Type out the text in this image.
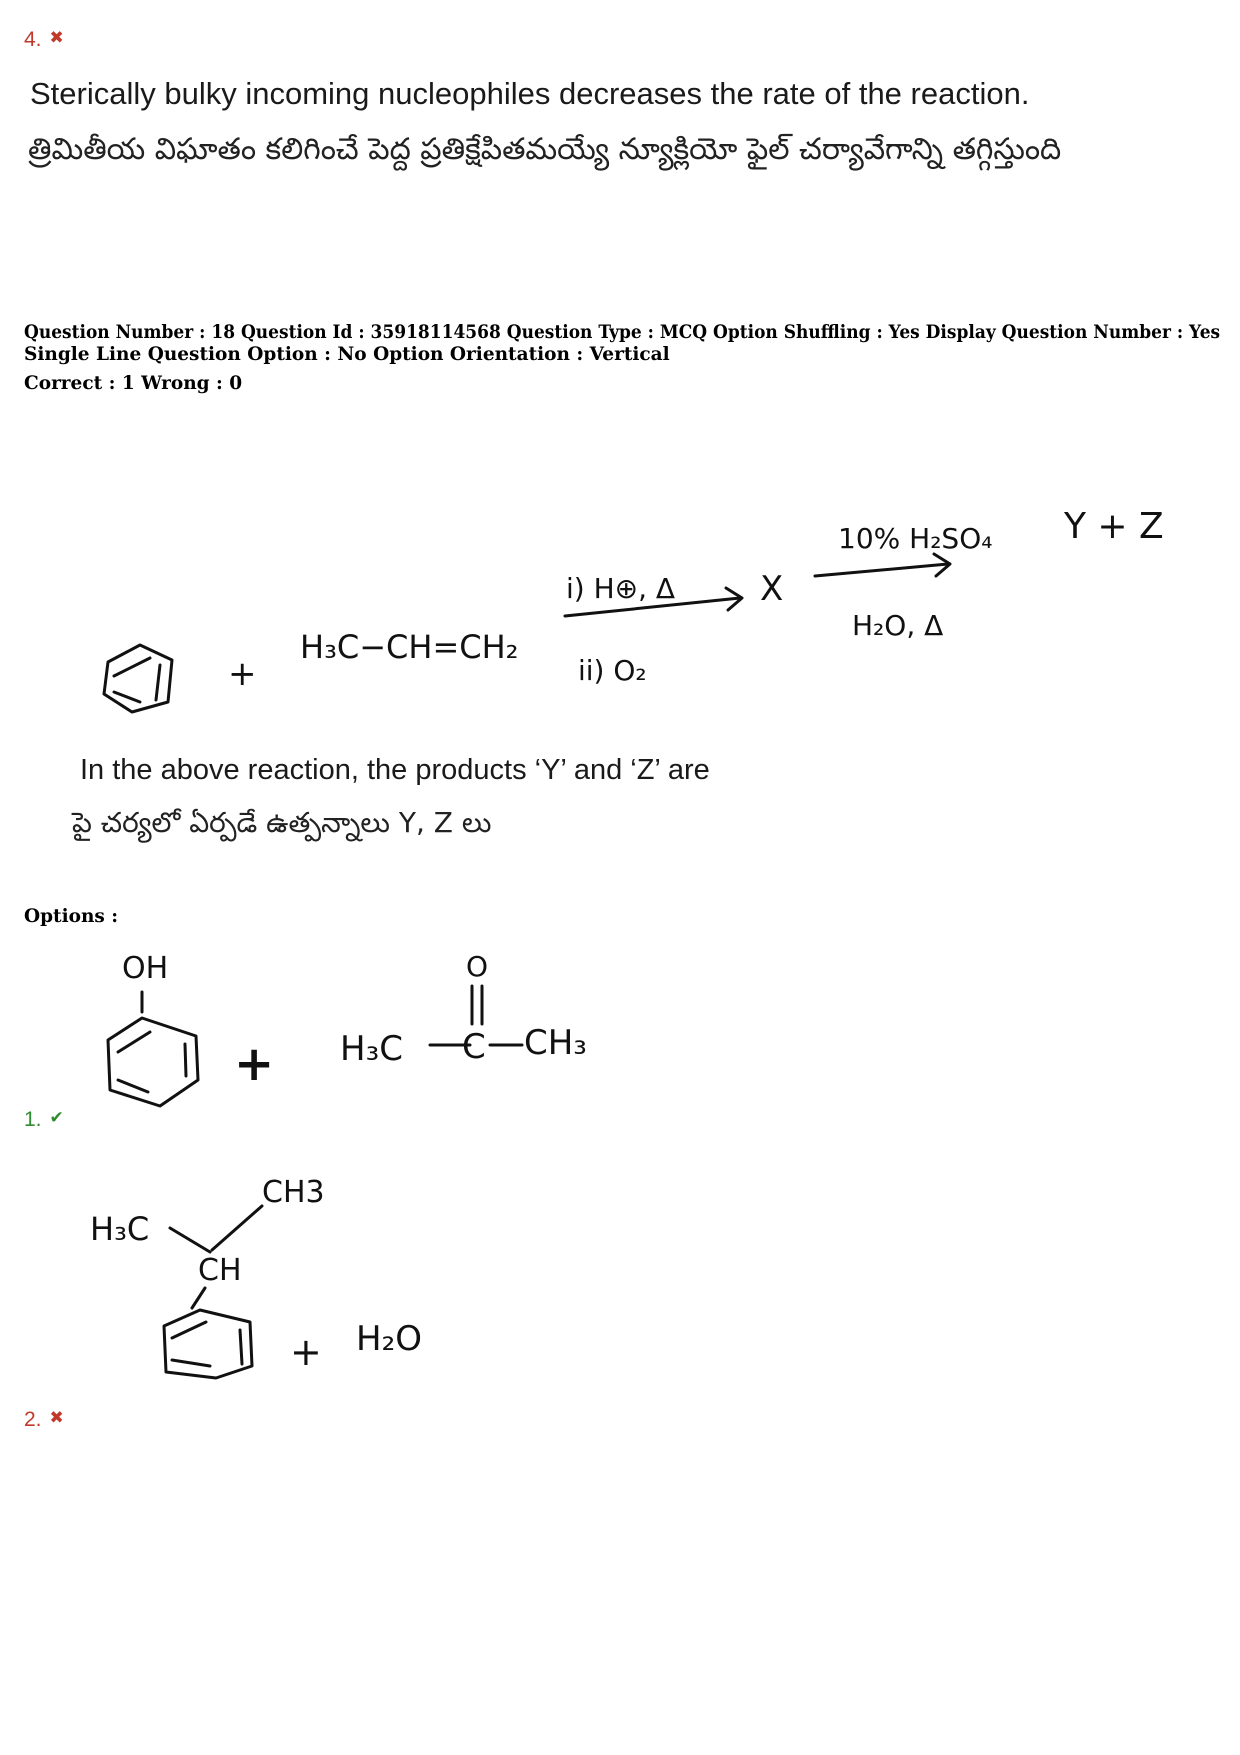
4. ✖
Sterically bulky incoming nucleophiles decreases the rate of the reaction.
త్రిమితీయ విఘాతం కలిగించే పెద్ద ప్రతిక్షేపితమయ్యే న్యూక్లియో ఫైల్ చర్యావేగాన్ని తగ్గిస్తుంది
Question Number : 18 Question Id : 35918114568 Question Type : MCQ Option Shuffling : Yes Display Question Number : Yes
Single Line Question Option : No Option Orientation : Vertical
Correct : 1 Wrong : 0
+
H₃C−CH=CH₂
i) H⊕, Δ
ii) O₂
X
10% H₂SO₄
H₂O, Δ
Y + Z
In the above reaction, the products ‘Y’ and ‘Z’ are
పై చర్యలో ఏర్పడే ఉత్పన్నాలు Y, Z లు
Options :
OH
+ H₃C
O
C CH₃
1. ✔
CH3
H₃C
CH
+ H₂O
2. ✖
